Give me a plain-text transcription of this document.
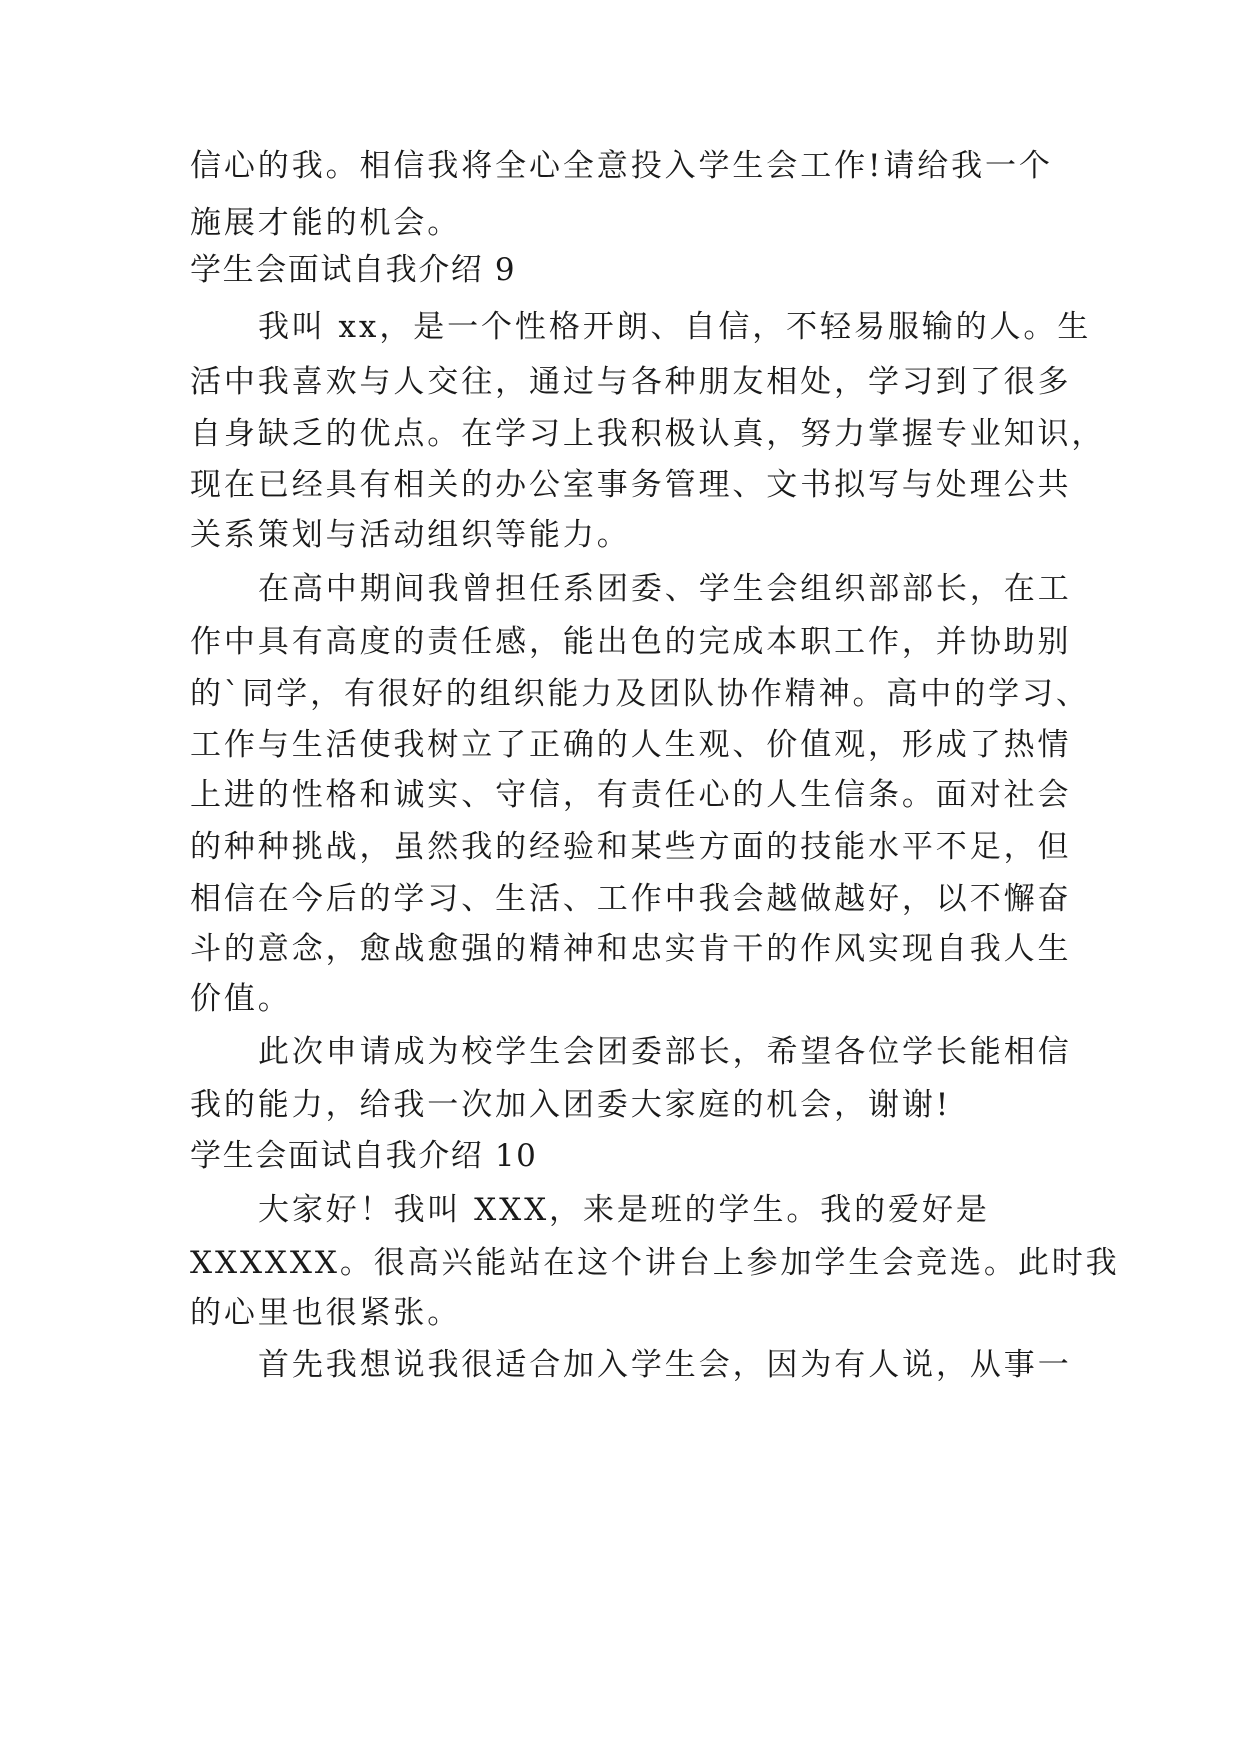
信心的我。相信我将全心全意投入学生会工作!请给我一个
施展才能的机会。
学生会面试自我介绍 9
我叫 xx，是一个性格开朗、自信，不轻易服输的人。生
活中我喜欢与人交往，通过与各种朋友相处，学习到了很多
自身缺乏的优点。在学习上我积极认真，努力掌握专业知识，
现在已经具有相关的办公室事务管理、文书拟写与处理公共
关系策划与活动组织等能力。
在高中期间我曾担任系团委、学生会组织部部长，在工
作中具有高度的责任感，能出色的完成本职工作，并协助别
的`同学，有很好的组织能力及团队协作精神。高中的学习、
工作与生活使我树立了正确的人生观、价值观，形成了热情
上进的性格和诚实、守信，有责任心的人生信条。面对社会
的种种挑战，虽然我的经验和某些方面的技能水平不足，但
相信在今后的学习、生活、工作中我会越做越好，以不懈奋
斗的意念，愈战愈强的精神和忠实肯干的作风实现自我人生
价值。
此次申请成为校学生会团委部长，希望各位学长能相信
我的能力，给我一次加入团委大家庭的机会，谢谢!
学生会面试自我介绍 10
大家好！我叫 XXX，来是班的学生。我的爱好是
XXXXXX。很高兴能站在这个讲台上参加学生会竞选。此时我
的心里也很紧张。
首先我想说我很适合加入学生会，因为有人说，从事一
